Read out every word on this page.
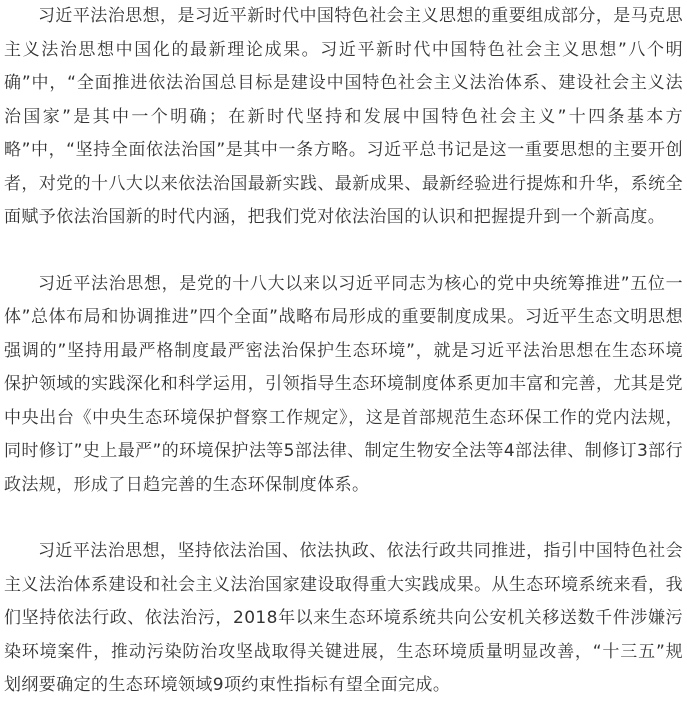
习近平法治思想，是习近平新时代中国特色社会主义思想的重要组成部分，是马克思主义法治思想中国化的最新理论成果。习近平新时代中国特色社会主义思想”八个明确”中，“全面推进依法治国总目标是建设中国特色社会主义法治体系、建设社会主义法治国家”是其中一个明确；在新时代坚持和发展中国特色社会主义”十四条基本方略”中，“坚持全面依法治国”是其中一条方略。习近平总书记是这一重要思想的主要开创者，对党的十八大以来依法治国最新实践、最新成果、最新经验进行提炼和升华，系统全面赋予依法治国新的时代内涵，把我们党对依法治国的认识和把握提升到一个新高度。

习近平法治思想，是党的十八大以来以习近平同志为核心的党中央统筹推进”五位一体”总体布局和协调推进”四个全面”战略布局形成的重要制度成果。习近平生态文明思想强调的”坚持用最严格制度最严密法治保护生态环境”，就是习近平法治思想在生态环境保护领域的实践深化和科学运用，引领指导生态环境制度体系更加丰富和完善，尤其是党中央出台《中央生态环境保护督察工作规定》，这是首部规范生态环保工作的党内法规，同时修订”史上最严”的环境保护法等5部法律、制定生物安全法等4部法律、制修订3部行政法规，形成了日趋完善的生态环保制度体系。

习近平法治思想，坚持依法治国、依法执政、依法行政共同推进，指引中国特色社会主义法治体系建设和社会主义法治国家建设取得重大实践成果。从生态环境系统来看，我们坚持依法行政、依法治污，2018年以来生态环境系统共向公安机关移送数千件涉嫌污染环境案件，推动污染防治攻坚战取得关键进展，生态环境质量明显改善，“十三五”规划纲要确定的生态环境领域9项约束性指标有望全面完成。
